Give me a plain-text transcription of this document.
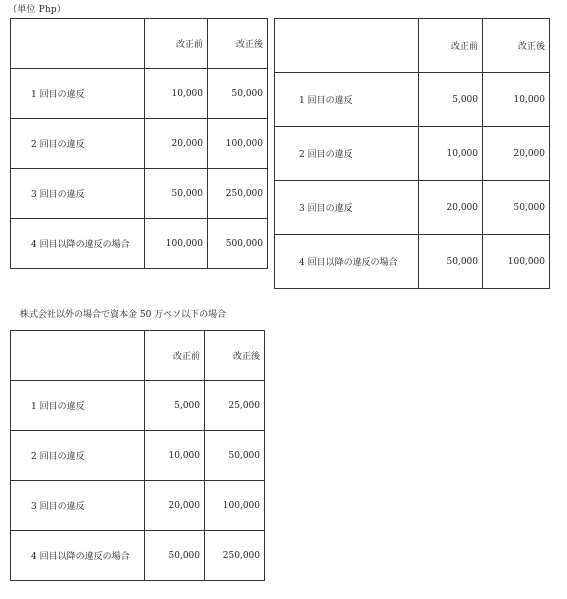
（単位 Php）
	改正前	改正後
1 回目の違反	10,000	50,000
2 回目の違反	20,000	100,000
3 回目の違反	50,000	250,000
4 回目以降の違反の場合	100,000	500,000
	改正前	改正後
1 回目の違反	5,000	10,000
2 回目の違反	10,000	20,000
3 回目の違反	20,000	50,000
4 回目以降の違反の場合	50,000	100,000
株式会社以外の場合で資本金 50 万ペソ以下の場合
	改正前	改正後
1 回目の違反	5,000	25,000
2 回目の違反	10,000	50,000
3 回目の違反	20,000	100,000
4 回目以降の違反の場合	50,000	250,000
